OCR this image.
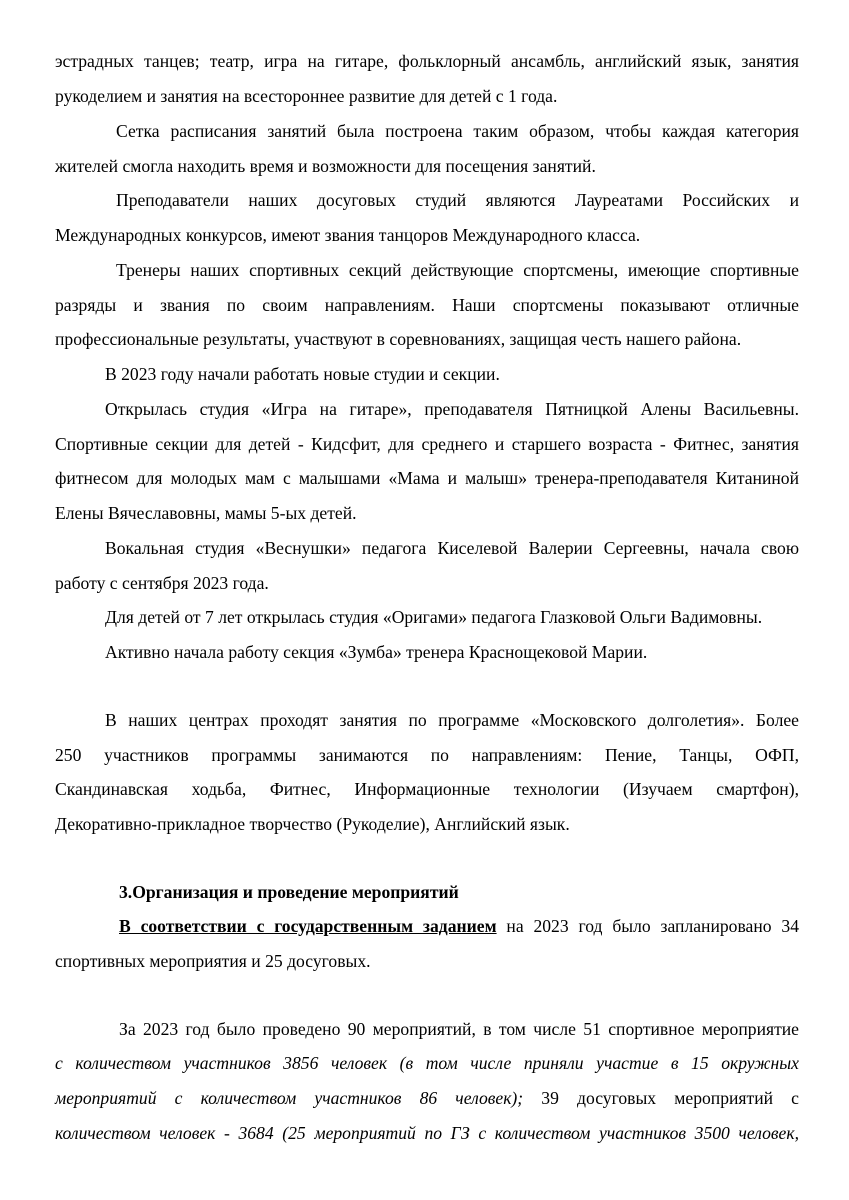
эстрадных танцев; театр, игра на гитаре, фольклорный ансамбль, английский язык, занятия
рукоделием и занятия на всестороннее развитие для детей с 1 года.
Сетка расписания занятий была построена таким образом, чтобы каждая категория
жителей смогла находить время и возможности для посещения занятий.
Преподаватели наших досуговых студий являются Лауреатами Российских и
Международных конкурсов, имеют звания танцоров Международного класса.
Тренеры наших спортивных секций действующие спортсмены, имеющие спортивные
разряды и звания по своим направлениям. Наши спортсмены показывают отличные
профессиональные результаты, участвуют в соревнованиях, защищая честь нашего района.
В 2023 году начали работать новые студии и секции.
Открылась студия «Игра на гитаре», преподавателя Пятницкой Алены Васильевны.
Спортивные секции для детей - Кидсфит, для среднего и старшего возраста - Фитнес, занятия
фитнесом для молодых мам с малышами «Мама и малыш» тренера-преподавателя Китаниной
Елены Вячеславовны, мамы 5-ых детей.
Вокальная студия «Веснушки» педагога Киселевой Валерии Сергеевны, начала свою
работу с сентября 2023 года.
Для детей от 7 лет открылась студия «Оригами» педагога Глазковой Ольги Вадимовны.
Активно начала работу секция «Зумба» тренера Краснощековой Марии.
В наших центрах проходят занятия по программе «Московского долголетия». Более
250 участников программы занимаются по направлениям: Пение, Танцы, ОФП,
Скандинавская ходьба, Фитнес, Информационные технологии (Изучаем смартфон),
Декоративно-прикладное творчество (Рукоделие), Английский язык.
3.Организация и проведение мероприятий
В соответствии с государственным заданием на 2023 год было запланировано 34
спортивных мероприятия и 25 досуговых.
За 2023 год было проведено 90 мероприятий, в том числе 51 спортивное мероприятие
с количеством участников 3856 человек (в том числе приняли участие в 15 окружных
мероприятий с количеством участников 86 человек); 39 досуговых мероприятий с
количеством человек - 3684 (25 мероприятий по ГЗ с количеством участников 3500 человек,
